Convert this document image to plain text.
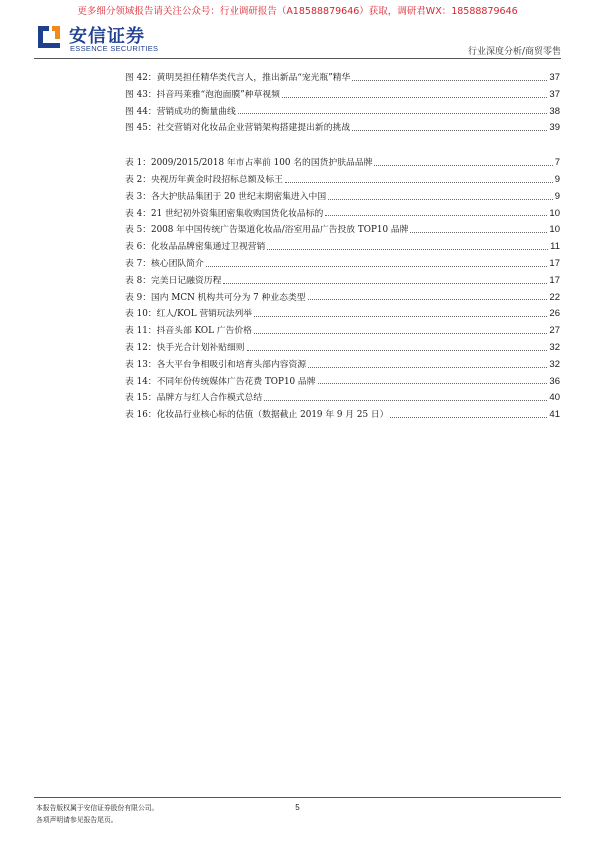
更多细分领域报告请关注公众号：行业调研报告（A18588879646）获取，调研君WX：18588879646
安信证券
ESSENCE SECURITIES	行业深度分析/商贸零售
图 42：黄明昊担任精华类代言人，推出新品“宠光瓶”精华	37
图 43：抖音玛莱雅“泡泡面膜”种草视频	37
图 44：营销成功的衡量曲线	38
图 45：社交营销对化妆品企业营销架构搭建提出新的挑战	39
表 1：2009/2015/2018 年市占率前 100 名的国货护肤品品牌	7
表 2：央视历年黄金时段招标总额及标王	9
表 3：各大护肤品集团于 20 世纪末期密集进入中国	9
表 4：21 世纪初外资集团密集收购国货化妆品标的	10
表 5：2008 年中国传统广告渠道化妆品/浴室用品广告投放 TOP10 品牌	10
表 6：化妆品品牌密集通过卫视营销	11
表 7：核心团队简介	17
表 8：完美日记融资历程	17
表 9：国内 MCN 机构共可分为 7 种业态类型	22
表 10：红人/KOL 营销玩法列举	26
表 11：抖音头部 KOL 广告价格	27
表 12：快手光合计划补贴细则	32
表 13：各大平台争相吸引和培育头部内容资源	32
表 14：不同年份传统媒体广告花费 TOP10 品牌	36
表 15：品牌方与红人合作模式总结	40
表 16：化妆品行业核心标的估值（数据截止 2019 年 9 月 25 日）	41
本报告版权属于安信证券股份有限公司。
各项声明请参见报告尾页。
5
